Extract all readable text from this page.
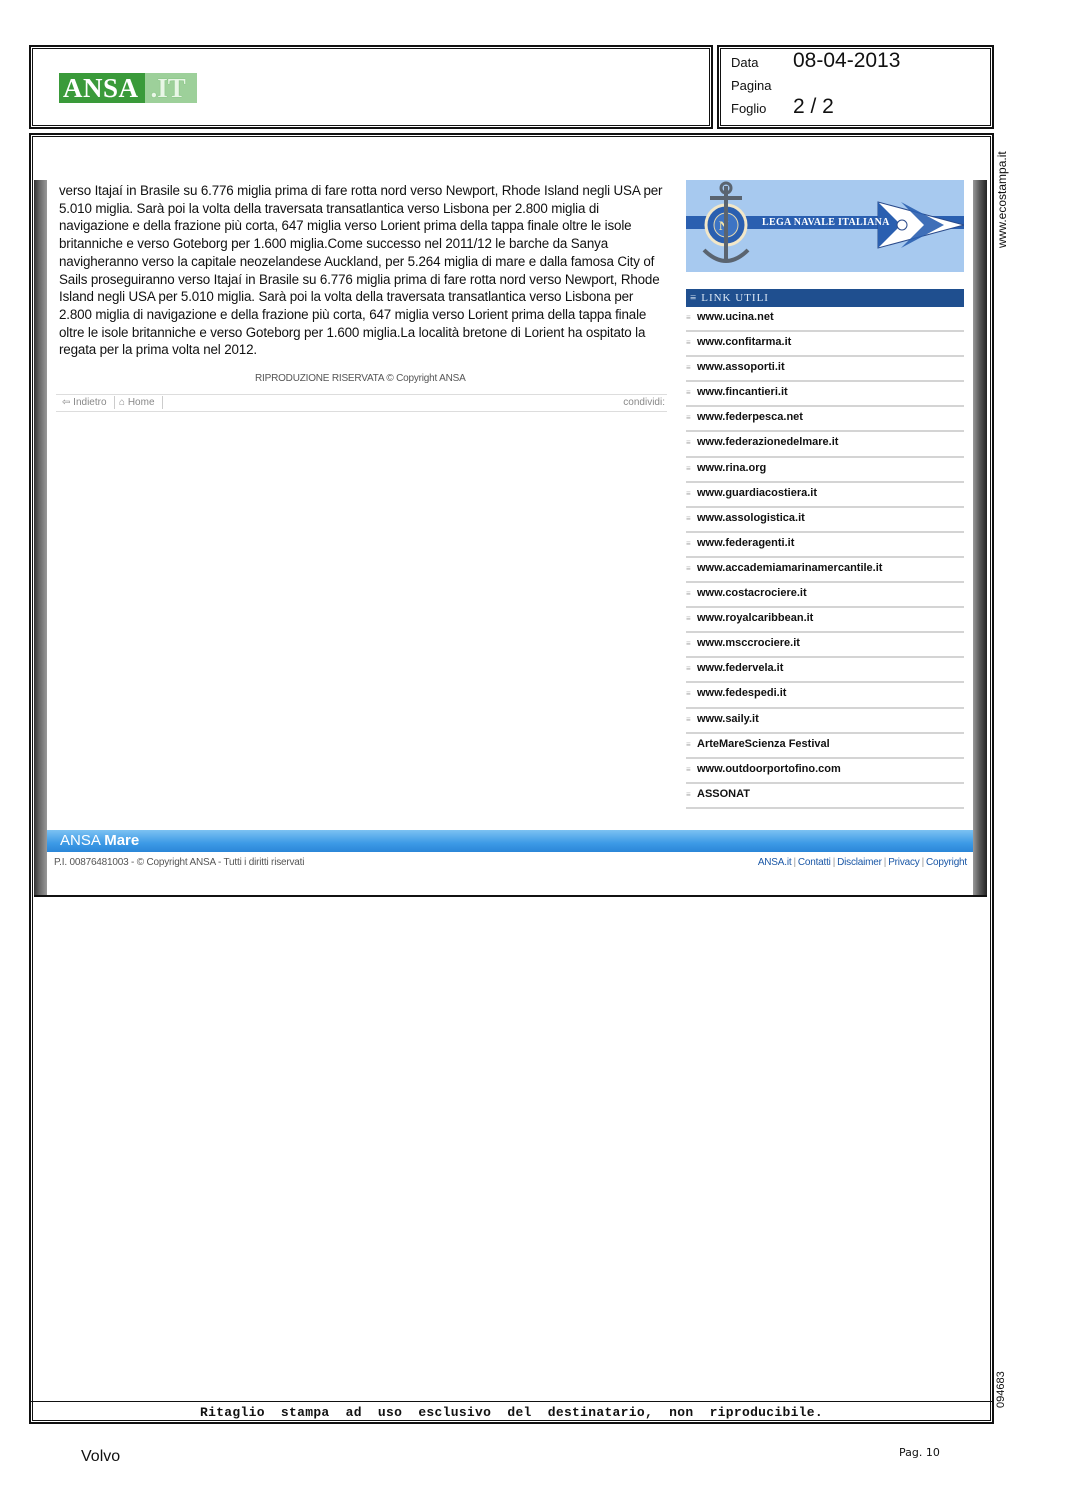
ANSA .IT
Data 08-04-2013
Pagina
Foglio 2 / 2
Ritaglio stampa ad uso esclusivo del destinatario, non riproducibile.
www.ecostampa.it
094683
verso Itajaí in Brasile su 6.776 miglia prima di fare rotta nord verso Newport, Rhode Island negli USA per 5.010 miglia. Sarà poi la volta della traversata transatlantica verso Lisbona per 2.800 miglia di navigazione e della frazione più corta, 647 miglia verso Lorient prima della tappa finale oltre le isole britanniche e verso Goteborg per 1.600 miglia.Come successo nel 2011/12 le barche da Sanya navigheranno verso la capitale neozelandese Auckland, per 5.264 miglia di mare e dalla famosa City of Sails proseguiranno verso Itajaí in Brasile su 6.776 miglia prima di fare rotta nord verso Newport, Rhode Island negli USA per 5.010 miglia. Sarà poi la volta della traversata transatlantica verso Lisbona per 2.800 miglia di navigazione e della frazione più corta, 647 miglia verso Lorient prima della tappa finale oltre le isole britanniche e verso Goteborg per 1.600 miglia.La località bretone di Lorient ha ospitato la regata per la prima volta nel 2012.
RIPRODUZIONE RISERVATA © Copyright ANSA
⇦ Indietro ⌂ Home	condividi:
N	LEGA NAVALE ITALIANA
≡ LINK UTILI
≡ www.ucina.net
≡ www.confitarma.it
≡ www.assoporti.it
≡ www.fincantieri.it
≡ www.federpesca.net
≡ www.federazionedelmare.it
≡ www.rina.org
≡ www.guardiacostiera.it
≡ www.assologistica.it
≡ www.federagenti.it
≡ www.accademiamarinamercantile.it
≡ www.costacrociere.it
≡ www.royalcaribbean.it
≡ www.msccrociere.it
≡ www.federvela.it
≡ www.fedespedi.it
≡ www.saily.it
≡ ArteMareScienza Festival
≡ www.outdoorportofino.com
≡ ASSONAT
ANSA Mare
P.I. 00876481003 - © Copyright ANSA - Tutti i diritti riservati	ANSA.it | Contatti | Disclaimer | Privacy | Copyright
Volvo	Pag. 10
